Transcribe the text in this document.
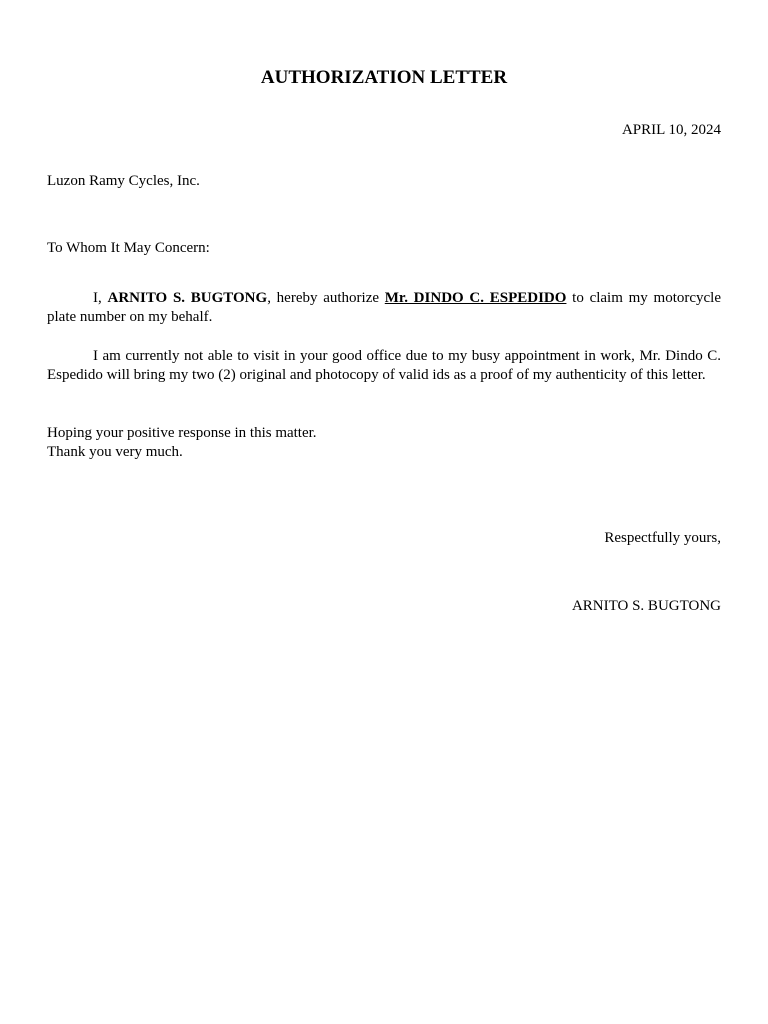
AUTHORIZATION LETTER
APRIL 10, 2024
Luzon Ramy Cycles, Inc.
To Whom It May Concern:
I, ARNITO S. BUGTONG, hereby authorize Mr. DINDO C. ESPEDIDO to claim my motorcycle plate number on my behalf.
I am currently not able to visit in your good office due to my busy appointment in work, Mr. Dindo C. Espedido will bring my two (2) original and photocopy of valid ids as a proof of my authenticity of this letter.
Hoping your positive response in this matter.
Thank you very much.
Respectfully yours,
ARNITO S. BUGTONG
